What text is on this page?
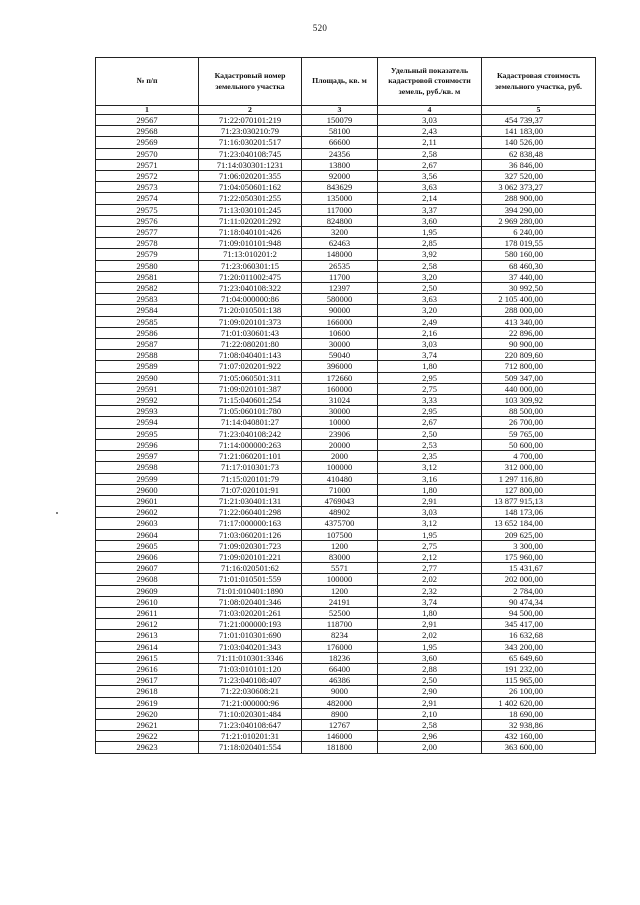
520
№ п/п	Кадастровый номер земельного участка	Площадь, кв. м	Удельный показатель кадастровой стоимости земель, руб./кв. м	Кадастровая стоимость земельного участка, руб.
1	2	3	4	5
29567	71:22:070101:219	150079	3,03	454 739,37
29568	71:23:030210:79	58100	2,43	141 183,00
29569	71:16:030201:517	66600	2,11	140 526,00
29570	71:23:040108:745	24356	2,58	62 838,48
29571	71:14:030301:1231	13800	2,67	36 846,00
29572	71:06:020201:355	92000	3,56	327 520,00
29573	71:04:050601:162	843629	3,63	3 062 373,27
29574	71:22:050301:255	135000	2,14	288 900,00
29575	71:13:030101:245	117000	3,37	394 290,00
29576	71:11:020201:292	824800	3,60	2 969 280,00
29577	71:18:040101:426	3200	1,95	6 240,00
29578	71:09:010101:948	62463	2,85	178 019,55
29579	71:13:010201:2	148000	3,92	580 160,00
29580	71:23:060301:15	26535	2,58	68 460,30
29581	71:20:011002:475	11700	3,20	37 440,00
29582	71:23:040108:322	12397	2,50	30 992,50
29583	71:04:000000:86	580000	3,63	2 105 400,00
29584	71:20:010501:138	90000	3,20	288 000,00
29585	71:09:020101:373	166000	2,49	413 340,00
29586	71:01:030601:43	10600	2,16	22 896,00
29587	71:22:080201:80	30000	3,03	90 900,00
29588	71:08:040401:143	59040	3,74	220 809,60
29589	71:07:020201:922	396000	1,80	712 800,00
29590	71:05:060501:311	172660	2,95	509 347,00
29591	71:09:020101:387	160000	2,75	440 000,00
29592	71:15:040601:254	31024	3,33	103 309,92
29593	71:05:060101:780	30000	2,95	88 500,00
29594	71:14:040801:27	10000	2,67	26 700,00
29595	71:23:040108:242	23906	2,50	59 765,00
29596	71:14:000000:263	20000	2,53	50 600,00
29597	71:21:060201:101	2000	2,35	4 700,00
29598	71:17:010301:73	100000	3,12	312 000,00
29599	71:15:020101:79	410480	3,16	1 297 116,80
29600	71:07:020101:91	71000	1,80	127 800,00
29601	71:21:030401:131	4769043	2,91	13 877 915,13
29602	71:22:060401:298	48902	3,03	148 173,06
29603	71:17:000000:163	4375700	3,12	13 652 184,00
29604	71:03:060201:126	107500	1,95	209 625,00
29605	71:09:020301:723	1200	2,75	3 300,00
29606	71:09:020101:221	83000	2,12	175 960,00
29607	71:16:020501:62	5571	2,77	15 431,67
29608	71:01:010501:559	100000	2,02	202 000,00
29609	71:01:010401:1890	1200	2,32	2 784,00
29610	71:08:020401:346	24191	3,74	90 474,34
29611	71:03:020201:261	52500	1,80	94 500,00
29612	71:21:000000:193	118700	2,91	345 417,00
29613	71:01:010301:690	8234	2,02	16 632,68
29614	71:03:040201:343	176000	1,95	343 200,00
29615	71:11:010301:3346	18236	3,60	65 649,60
29616	71:03:010101:120	66400	2,88	191 232,00
29617	71:23:040108:407	46386	2,50	115 965,00
29618	71:22:030608:21	9000	2,90	26 100,00
29619	71:21:000000:96	482000	2,91	1 402 620,00
29620	71:10:020301:484	8900	2,10	18 690,00
29621	71:23:040108:647	12767	2,58	32 938,86
29622	71:21:010201:31	146000	2,96	432 160,00
29623	71:18:020401:554	181800	2,00	363 600,00
